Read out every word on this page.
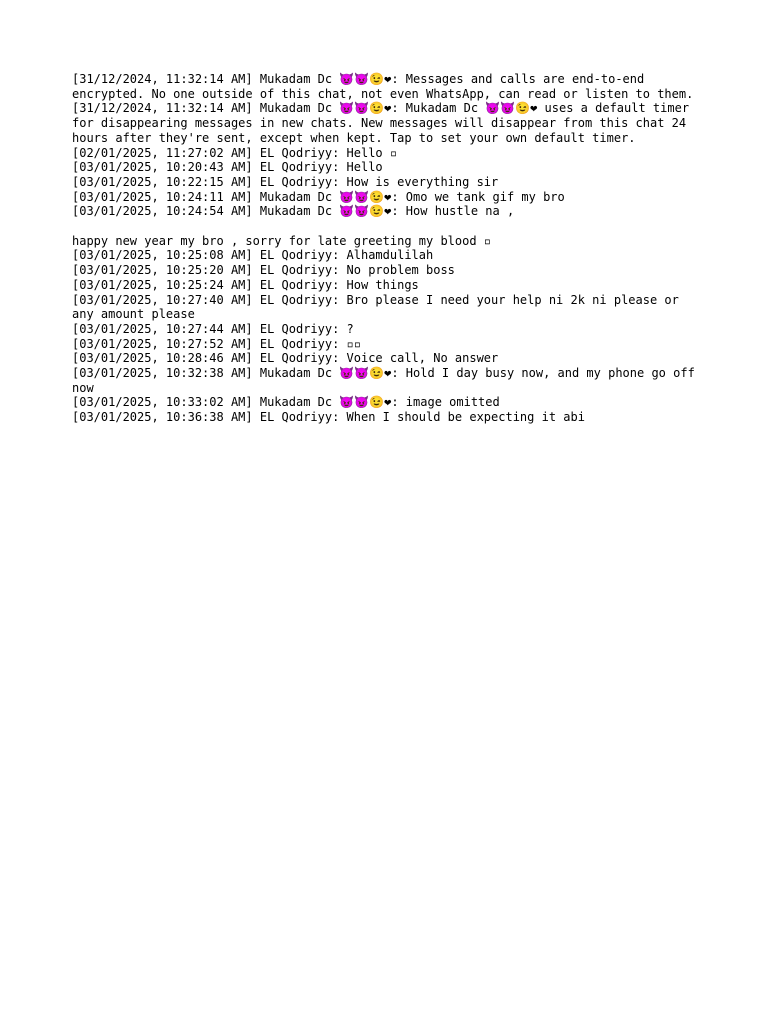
[31/12/2024, 11:32:14 AM] Mukadam Dc 😈😈😉❤: Messages and calls are end-to-end encrypted. No one outside of this chat, not even WhatsApp, can read or listen to them.
[31/12/2024, 11:32:14 AM] Mukadam Dc 😈😈😉❤: Mukadam Dc 😈😈😉❤ uses a default timer for disappearing messages in new chats. New messages will disappear from this chat 24 hours after they're sent, except when kept. Tap to set your own default timer.
[02/01/2025, 11:27:02 AM] EL Qodriyy: Hello ▫
[03/01/2025, 10:20:43 AM] EL Qodriyy: Hello
[03/01/2025, 10:22:15 AM] EL Qodriyy: How is everything sir
[03/01/2025, 10:24:11 AM] Mukadam Dc 😈😈😉❤: Omo we tank gif my bro
[03/01/2025, 10:24:54 AM] Mukadam Dc 😈😈😉❤: How hustle na ,
happy new year my bro , sorry for late greeting my blood ▫
[03/01/2025, 10:25:08 AM] EL Qodriyy: Alhamdulilah
[03/01/2025, 10:25:20 AM] EL Qodriyy: No problem boss
[03/01/2025, 10:25:24 AM] EL Qodriyy: How things
[03/01/2025, 10:27:40 AM] EL Qodriyy: Bro please I need your help ni 2k ni please or any amount please
[03/01/2025, 10:27:44 AM] EL Qodriyy: ?
[03/01/2025, 10:27:52 AM] EL Qodriyy: ▫▫
[03/01/2025, 10:28:46 AM] EL Qodriyy: Voice call, No answer
[03/01/2025, 10:32:38 AM] Mukadam Dc 😈😈😉❤: Hold I day busy now, and my phone go off now
[03/01/2025, 10:33:02 AM] Mukadam Dc 😈😈😉❤: image omitted
[03/01/2025, 10:36:38 AM] EL Qodriyy: When I should be expecting it abi
